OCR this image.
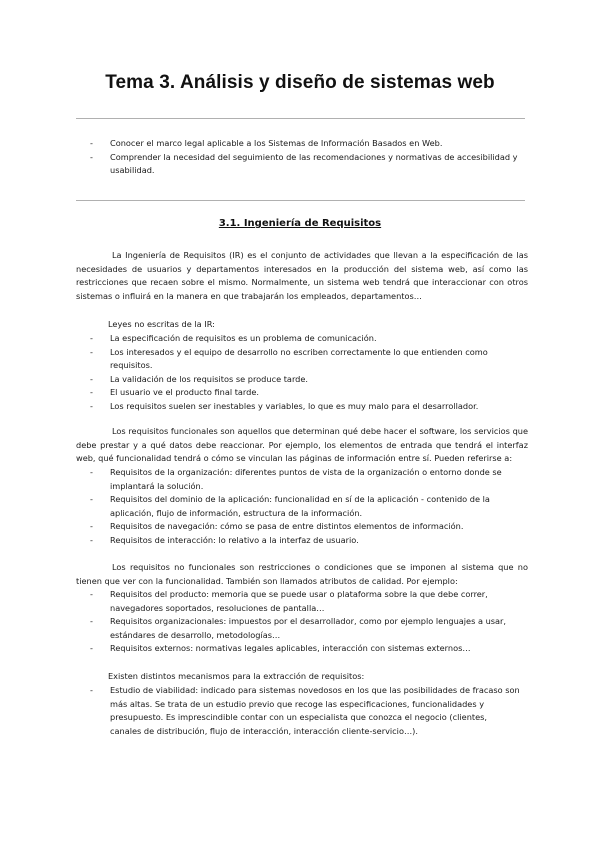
Tema 3. Análisis y diseño de sistemas web
- Conocer el marco legal aplicable a los Sistemas de Información Basados en Web.
- Comprender la necesidad del seguimiento de las recomendaciones y normativas de accesibilidad y usabilidad.
3.1. Ingeniería de Requisitos

La Ingeniería de Requisitos (IR) es el conjunto de actividades que llevan a la especificación de las necesidades de usuarios y departamentos interesados en la producción del sistema web, así como las restricciones que recaen sobre el mismo. Normalmente, un sistema web tendrá que interaccionar con otros sistemas o influirá en la manera en que trabajarán los empleados, departamentos…

Leyes no escritas de la IR:

- La especificación de requisitos es un problema de comunicación.
- Los interesados y el equipo de desarrollo no escriben correctamente lo que entienden como requisitos.
- La validación de los requisitos se produce tarde.
- El usuario ve el producto final tarde.
- Los requisitos suelen ser inestables y variables, lo que es muy malo para el desarrollador.

Los requisitos funcionales son aquellos que determinan qué debe hacer el software, los servicios que debe prestar y a qué datos debe reaccionar. Por ejemplo, los elementos de entrada que tendrá el interfaz web, qué funcionalidad tendrá o cómo se vinculan las páginas de información entre sí. Pueden referirse a:

- Requisitos de la organización: diferentes puntos de vista de la organización o entorno donde se implantará la solución.
- Requisitos del dominio de la aplicación: funcionalidad en sí de la aplicación - contenido de la aplicación, flujo de información, estructura de la información.
- Requisitos de navegación: cómo se pasa de entre distintos elementos de información.
- Requisitos de interacción: lo relativo a la interfaz de usuario.

Los requisitos no funcionales son restricciones o condiciones que se imponen al sistema que no tienen que ver con la funcionalidad. También son llamados atributos de calidad. Por ejemplo:

- Requisitos del producto: memoria que se puede usar o plataforma sobre la que debe correr, navegadores soportados, resoluciones de pantalla…
- Requisitos organizacionales: impuestos por el desarrollador, como por ejemplo lenguajes a usar, estándares de desarrollo, metodologías…
- Requisitos externos: normativas legales aplicables, interacción con sistemas externos…

Existen distintos mecanismos para la extracción de requisitos:

- Estudio de viabilidad: indicado para sistemas novedosos en los que las posibilidades de fracaso son más altas. Se trata de un estudio previo que recoge las especificaciones, funcionalidades y presupuesto. Es imprescindible contar con un especialista que conozca el negocio (clientes, canales de distribución, flujo de interacción, interacción cliente-servicio…).
